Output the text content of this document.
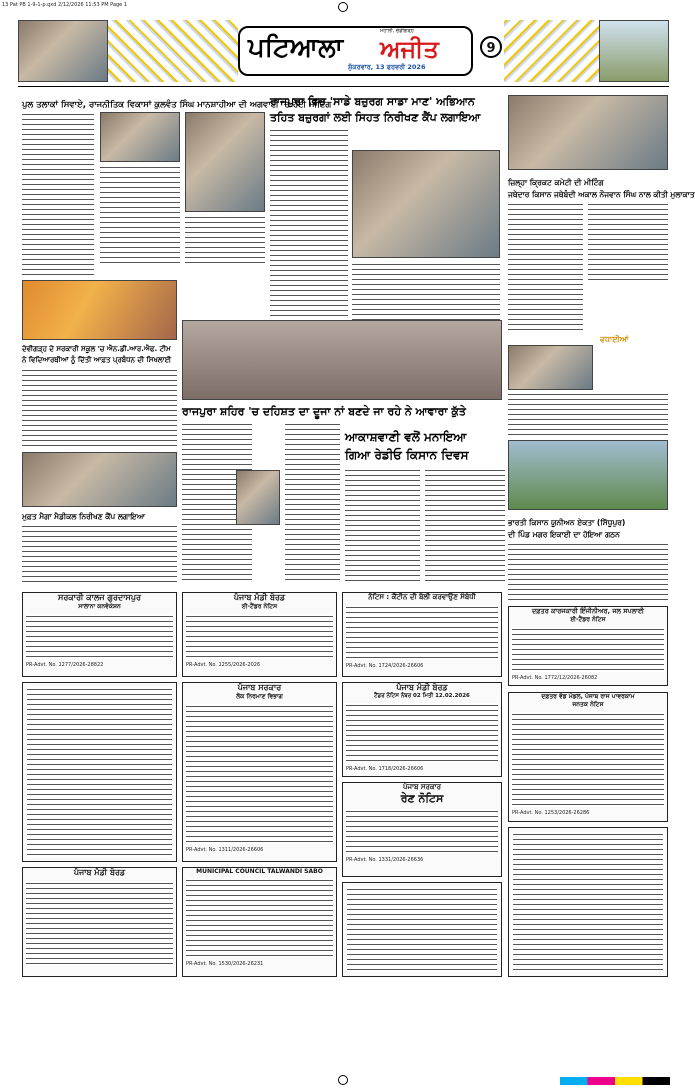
13 Pat PB 1-9-1-p.qxd 2/12/2026 11:53 PM Page 1
ਪਟਿਆਲਾ ਅਜੀਤ
ਮੋਹਾਲੀ, ਚੰਡੀਗੜ੍ਹ
ਸ਼ੁੱਕਰਵਾਰ, 13 ਫਰਵਰੀ 2026
9
ਪੁਲ ਤਲਾਕਾਂ ਸਿਵਾਏ, ਰਾਜਨੀਤਿਕ ਵਿਕਾਸਾਂ ਕੁਲਵੰਤ ਸਿੰਘ ਮਾਨਸ਼ਾਹੀਆ ਦੀ ਅਗਵਾਈ 'ਚ ਹੋਈ ਮੀਟਿੰਗ
ਰਾਜਪੁਰਾ ਵਿਚ 'ਸਾਡੇ ਬਜ਼ੁਰਗ ਸਾਡਾ ਮਾਣ' ਅਭਿਆਨ
ਤਹਿਤ ਬਜ਼ੁਰਗਾਂ ਲਈ ਸਿਹਤ ਨਿਰੀਖਣ ਕੈਂਪ ਲਗਾਇਆ
ਜ਼ਿਲ੍ਹਾ ਕ੍ਰਿਕਟ ਕਮੇਟੀ ਦੀ ਮੀਟਿੰਗ
ਜਥੇਦਾਰ ਕਿਸਾਨ ਜਥੇਬੰਦੀ ਅਕਾਲ ਨੌਜਵਾਨ ਸਿੰਘ ਨਾਲ ਕੀਤੀ ਮੁਲਾਕਾਤ
ਦੇਵੀਗੜ੍ਹ ਦੇ ਸਰਕਾਰੀ ਸਕੂਲ 'ਚ ਐਨ.ਡੀ.ਆਰ.ਐਫ. ਟੀਮ
ਨੇ ਵਿਦਿਆਰਥੀਆਂ ਨੂੰ ਦਿੱਤੀ ਆਫ਼ਤ ਪ੍ਰਬੰਧਨ ਦੀ ਸਿਖਲਾਈ
ਰਾਜਪੁਰਾ ਸ਼ਹਿਰ 'ਚ ਦਹਿਸ਼ਤ ਦਾ ਦੂਜਾ ਨਾਂ ਬਣਦੇ ਜਾ ਰਹੇ ਨੇ ਆਵਾਰਾ ਕੁੱਤੇ
ਆਕਾਸ਼ਵਾਣੀ ਵਲੋਂ ਮਨਾਇਆ
ਗਿਆ ਰੇਡੀਓ ਕਿਸਾਨ ਦਿਵਸ
ਵਧਾਈਆਂ
ਭਾਰਤੀ ਕਿਸਾਨ ਯੂਨੀਅਨ ਏਕਤਾ (ਸਿੱਧੂਪੁਰ)
ਦੀ ਪਿੰਡ ਮਗਰ ਇਕਾਈ ਦਾ ਹੋਇਆ ਗਠਨ
ਮੁਫ਼ਤ ਮੈਗਾ ਮੈਡੀਕਲ ਨਿਰੀਖਣ ਕੈਂਪ ਲਗਾਇਆ
ਸਰਕਾਰੀ ਕਾਲਜ ਗੁਰਦਾਸਪੁਰ
ਸਾਲਾਨਾ ਕਨਵੋਕੇਸ਼ਨ
PR-Advt. No. 1277/2026-28822
ਪੰਜਾਬ ਮੰਡੀ ਬੋਰਡ
ਈ-ਟੈਂਡਰ ਨੋਟਿਸ
PR-Advt. No. 1255/2026-2026
ਨੋਟਿਸ : ਕੈਂਟੀਨ ਦੀ ਬੋਲੀ ਕਰਵਾਉਣ ਸੰਬੰਧੀ
PR-Advt. No. 1724/2026-26606
ਦਫ਼ਤਰ ਕਾਰਜਕਾਰੀ ਇੰਜੀਨੀਅਰ, ਜਲ ਸਪਲਾਈ
ਈ-ਟੈਂਡਰ ਨੋਟਿਸ
PR-Advt. No. 1772/12/2026-26082
ਪੰਜਾਬ ਸਰਕਾਰ
ਲੋਕ ਨਿਰਮਾਣ ਵਿਭਾਗ
PR-Advt. No. 1311/2026-26606
ਪੰਜਾਬ ਮੰਡੀ ਬੋਰਡ
ਟੈਂਡਰ ਨੋਟਿਸ ਨੰਬਰ 02 ਮਿਤੀ 12.02.2026
PR-Advt. No. 1718/2026-26606
ਦਫ਼ਤਰ ਵੰਡ ਮੰਡਲ, ਪੰਜਾਬ ਰਾਜ ਪਾਵਰਕਾਮ
ਜਨਤਕ ਨੋਟਿਸ
PR-Advt. No. 1253/2026-26286
ਪੰਜਾਬ ਸਰਕਾਰ
ਰੇਣ ਨੋਟਿਸ
PR-Advt. No. 1331/2026-26636
MUNICIPAL COUNCIL TALWANDI SABO
PR-Advt. No. 1530/2026-26231
ਪੰਜਾਬ ਮੰਡੀ ਬੋਰਡ
